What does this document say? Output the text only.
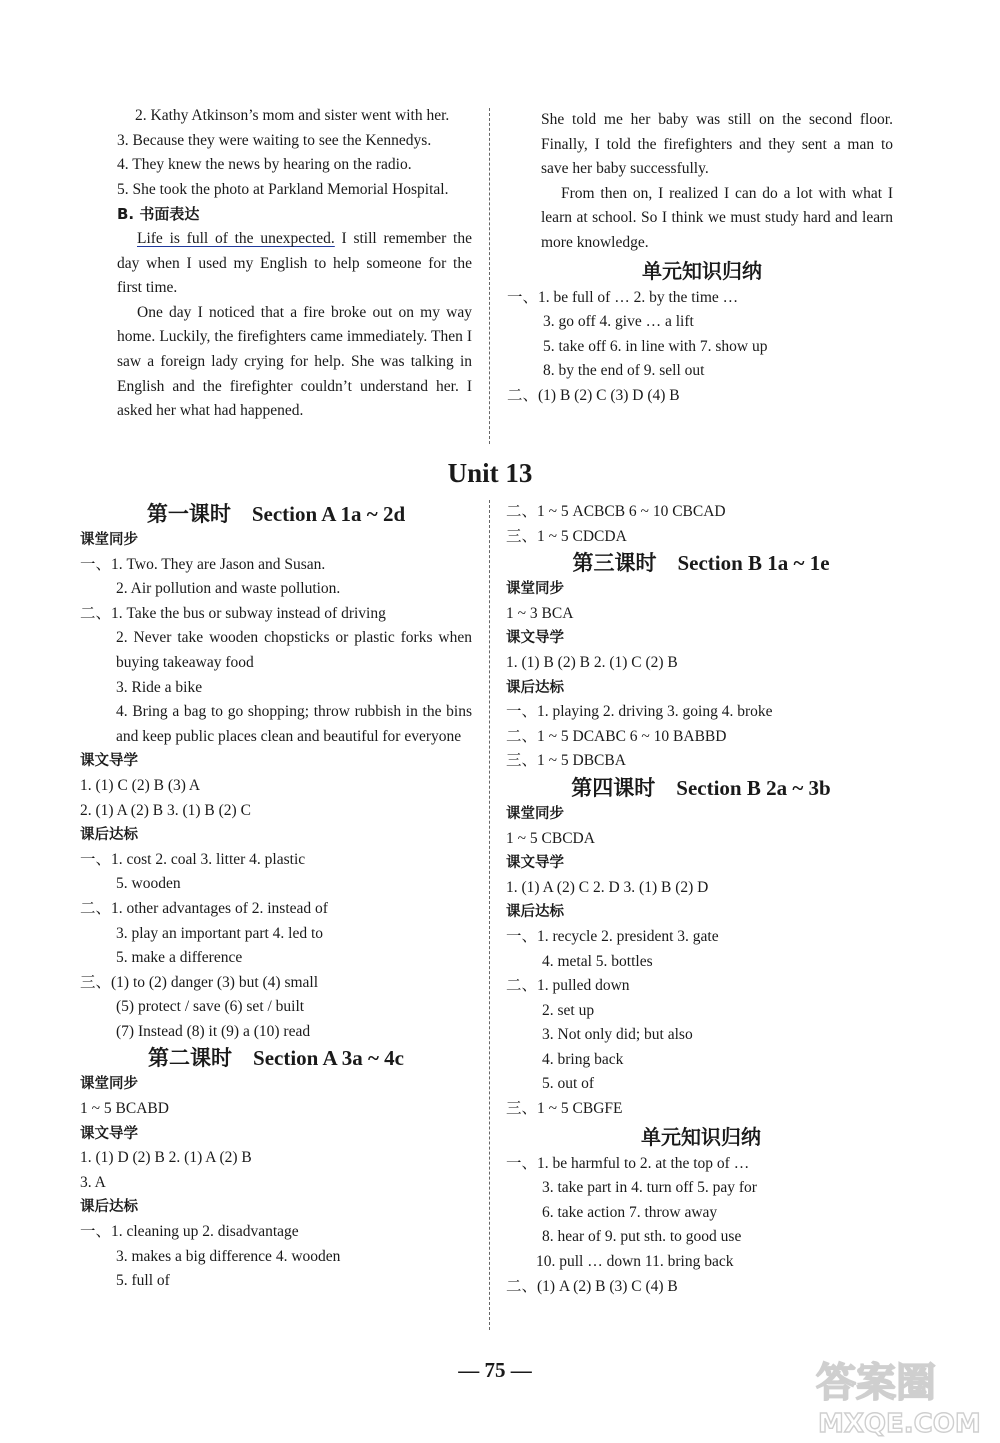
2. Kathy Atkinson’s mom and sister went with her.

3. Because they were waiting to see the Kennedys.

4. They knew the news by hearing on the radio.

5. She took the photo at Parkland Memorial Hospital.

B. 书面表达

Life is full of the unexpected. I still remember the day when I used my English to help someone for the first time.

One day I noticed that a fire broke out on my way home. Luckily, the firefighters came immediately. Then I saw a foreign lady crying for help. She was talking in English and the firefighter couldn’t understand her. I asked her what had happened.

She told me her baby was still on the second floor. Finally, I told the firefighters and they sent a man to save her baby successfully.

From then on, I realized I can do a lot with what I learn at school. So I think we must study hard and learn more knowledge.

单元知识归纳

一、1. be full of … 2. by the time …

3. go off 4. give … a lift

5. take off 6. in line with 7. show up

8. by the end of 9. sell out

二、(1) B (2) C (3) D (4) B

Unit 13

第一课时　Section A 1a ~ 2d

课堂同步

一、1. Two. They are Jason and Susan.

2. Air pollution and waste pollution.

二、1. Take the bus or subway instead of driving

2. Never take wooden chopsticks or plastic forks when buying takeaway food

3. Ride a bike

4. Bring a bag to go shopping; throw rubbish in the bins and keep public places clean and beautiful for everyone

课文导学

1. (1) C (2) B (3) A

2. (1) A (2) B 3. (1) B (2) C

课后达标

一、1. cost 2. coal 3. litter 4. plastic

5. wooden

二、1. other advantages of 2. instead of

3. play an important part 4. led to

5. make a difference

三、(1) to (2) danger (3) but (4) small

(5) protect / save (6) set / built

(7) Instead (8) it (9) a (10) read

第二课时　Section A 3a ~ 4c

课堂同步

1 ~ 5 BCABD

课文导学

1. (1) D (2) B 2. (1) A (2) B

3. A

课后达标

一、1. cleaning up 2. disadvantage

3. makes a big difference 4. wooden

5. full of

二、1 ~ 5 ACBCB 6 ~ 10 CBCAD

三、1 ~ 5 CDCDA

第三课时　Section B 1a ~ 1e

课堂同步

1 ~ 3 BCA

课文导学

1. (1) B (2) B 2. (1) C (2) B

课后达标

一、1. playing 2. driving 3. going 4. broke

二、1 ~ 5 DCABC 6 ~ 10 BABBD

三、1 ~ 5 DBCBA

第四课时　Section B 2a ~ 3b

课堂同步

1 ~ 5 CBCDA

课文导学

1. (1) A (2) C 2. D 3. (1) B (2) D

课后达标

一、1. recycle 2. president 3. gate

4. metal 5. bottles

二、1. pulled down

2. set up

3. Not only did; but also

4. bring back

5. out of

三、1 ~ 5 CBGFE

单元知识归纳

一、1. be harmful to 2. at the top of …

3. take part in 4. turn off 5. pay for

6. take action 7. throw away

8. hear of 9. put sth. to good use

10. pull … down 11. bring back

二、(1) A (2) B (3) C (4) B

— 75 —	答案圈
MXQE.COM
